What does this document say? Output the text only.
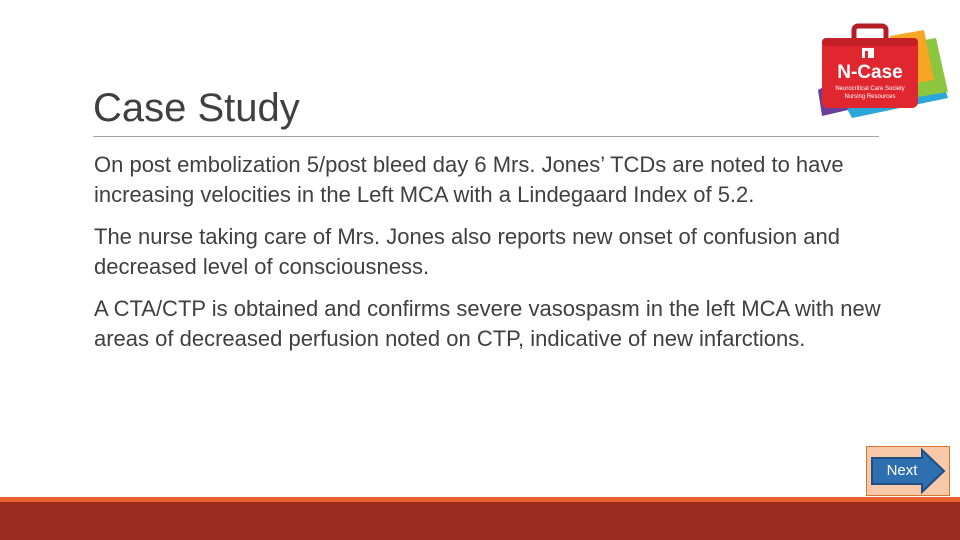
Case Study

On post embolization 5/post bleed day 6 Mrs. Jones’ TCDs are noted to have increasing velocities in the Left MCA with a Lindegaard Index of 5.2.

The nurse taking care of Mrs. Jones also reports new onset of confusion and decreased level of consciousness.

A CTA/CTP is obtained and confirms severe vasospasm in the left MCA with new areas of decreased perfusion noted on CTP, indicative of new infarctions.

N-Case
Neurocritical Care Society
Nursing Resources
Next
